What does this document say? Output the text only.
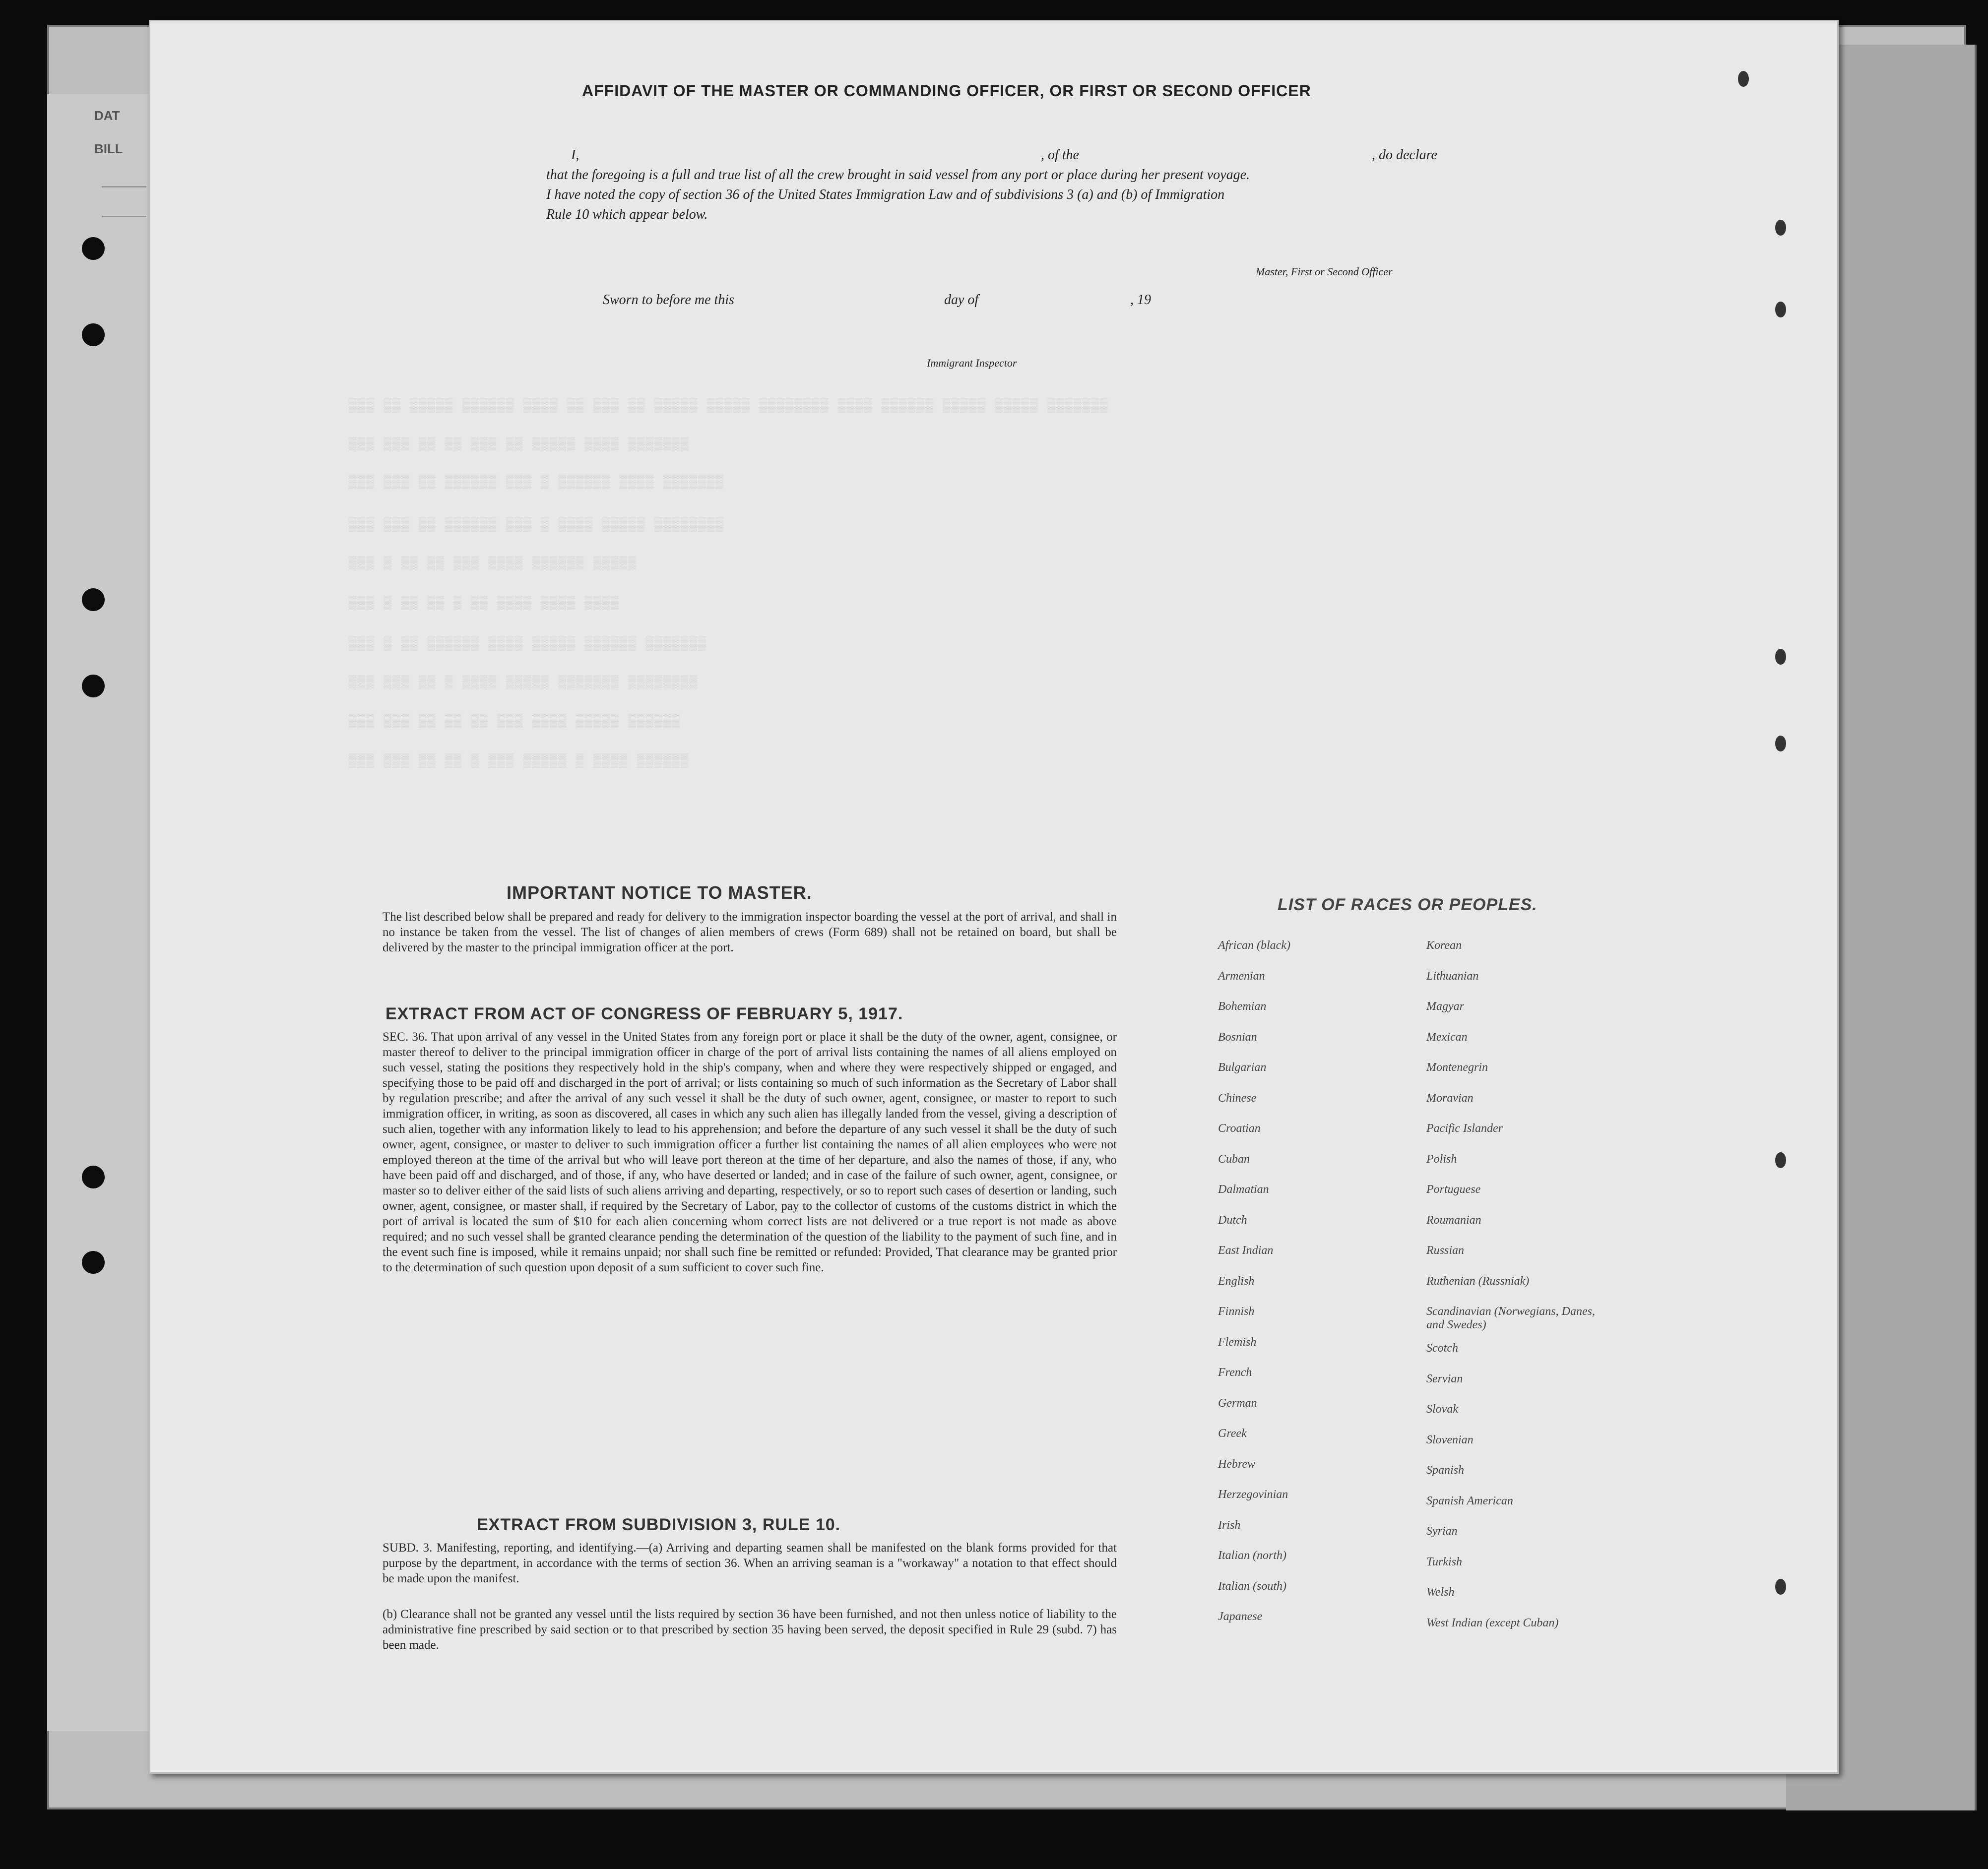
DAT
BILL
AFFIDAVIT OF THE MASTER OR COMMANDING OFFICER, OR FIRST OR SECOND OFFICER
I,	, of the	, do declare
that the foregoing is a full and true list of all the crew brought in said vessel from any port or place during her present voyage.
I have noted the copy of section 36 of the United States Immigration Law and of subdivisions 3 (a) and (b) of Immigration
Rule 10 which appear below.
Master, First or Second Officer
Sworn to before me this	day of	, 19
Immigrant Inspector
▒▒▒ ▒▒ ▒▒▒▒▒ ▒▒▒▒▒▒ ▒▒▒▒ ▒▒ ▒▒▒ ▒▒ ▒▒▒▒▒ ▒▒▒▒▒ ▒▒▒▒▒▒▒▒ ▒▒▒▒ ▒▒▒▒▒▒ ▒▒▒▒▒ ▒▒▒▒▒ ▒▒▒▒▒▒▒
▒▒▒ ▒▒▒ ▒▒ ▒▒ ▒▒▒ ▒▒ ▒▒▒▒▒ ▒▒▒▒ ▒▒▒▒▒▒▒
▒▒▒ ▒▒▒ ▒▒ ▒▒▒▒▒▒ ▒▒▒ ▒ ▒▒▒▒▒▒ ▒▒▒▒ ▒▒▒▒▒▒▒
▒▒▒ ▒▒▒ ▒▒ ▒▒▒▒▒▒ ▒▒▒ ▒ ▒▒▒▒ ▒▒▒▒▒ ▒▒▒▒▒▒▒▒
▒▒▒ ▒ ▒▒ ▒▒ ▒▒▒ ▒▒▒▒ ▒▒▒▒▒▒ ▒▒▒▒▒
▒▒▒ ▒ ▒▒ ▒▒ ▒ ▒▒ ▒▒▒▒ ▒▒▒▒ ▒▒▒▒
▒▒▒ ▒ ▒▒ ▒▒▒▒▒▒ ▒▒▒▒ ▒▒▒▒▒ ▒▒▒▒▒▒ ▒▒▒▒▒▒▒
▒▒▒ ▒▒▒ ▒▒ ▒ ▒▒▒▒ ▒▒▒▒▒ ▒▒▒▒▒▒▒ ▒▒▒▒▒▒▒▒
▒▒▒ ▒▒▒ ▒▒ ▒▒ ▒▒ ▒▒▒ ▒▒▒▒ ▒▒▒▒▒ ▒▒▒▒▒▒
▒▒▒ ▒▒▒ ▒▒ ▒▒ ▒ ▒▒▒ ▒▒▒▒▒ ▒ ▒▒▒▒ ▒▒▒▒▒▒
IMPORTANT NOTICE TO MASTER.
The list described below shall be prepared and ready for delivery to the immigration inspector boarding the vessel at the port of arrival, and shall in no instance be taken from the vessel. The list of changes of alien members of crews (Form 689) shall not be retained on board, but shall be delivered by the master to the principal immigration officer at the port.
EXTRACT FROM ACT OF CONGRESS OF FEBRUARY 5, 1917.
SEC. 36. That upon arrival of any vessel in the United States from any foreign port or place it shall be the duty of the owner, agent, consignee, or master thereof to deliver to the principal immigration officer in charge of the port of arrival lists containing the names of all aliens employed on such vessel, stating the positions they respectively hold in the ship's company, when and where they were respectively shipped or engaged, and specifying those to be paid off and discharged in the port of arrival; or lists containing so much of such information as the Secretary of Labor shall by regulation prescribe; and after the arrival of any such vessel it shall be the duty of such owner, agent, consignee, or master to report to such immigration officer, in writing, as soon as discovered, all cases in which any such alien has illegally landed from the vessel, giving a description of such alien, together with any information likely to lead to his apprehension; and before the departure of any such vessel it shall be the duty of such owner, agent, consignee, or master to deliver to such immigration officer a further list containing the names of all alien employees who were not employed thereon at the time of the arrival but who will leave port thereon at the time of her departure, and also the names of those, if any, who have been paid off and discharged, and of those, if any, who have deserted or landed; and in case of the failure of such owner, agent, consignee, or master so to deliver either of the said lists of such aliens arriving and departing, respectively, or so to report such cases of desertion or landing, such owner, agent, consignee, or master shall, if required by the Secretary of Labor, pay to the collector of customs of the customs district in which the port of arrival is located the sum of $10 for each alien concerning whom correct lists are not delivered or a true report is not made as above required; and no such vessel shall be granted clearance pending the determination of the question of the liability to the payment of such fine, and in the event such fine is imposed, while it remains unpaid; nor shall such fine be remitted or refunded: Provided, That clearance may be granted prior to the determination of such question upon deposit of a sum sufficient to cover such fine.
EXTRACT FROM SUBDIVISION 3, RULE 10.
SUBD. 3. Manifesting, reporting, and identifying.—(a) Arriving and departing seamen shall be manifested on the blank forms provided for that purpose by the department, in accordance with the terms of section 36. When an arriving seaman is a "workaway" a notation to that effect should be made upon the manifest.
(b) Clearance shall not be granted any vessel until the lists required by section 36 have been furnished, and not then unless notice of liability to the administrative fine prescribed by said section or to that prescribed by section 35 having been served, the deposit specified in Rule 29 (subd. 7) has been made.
LIST OF RACES OR PEOPLES.
African (black)
Armenian
Bohemian
Bosnian
Bulgarian
Chinese
Croatian
Cuban
Dalmatian
Dutch
East Indian
English
Finnish
Flemish
French
German
Greek
Hebrew
Herzegovinian
Irish
Italian (north)
Italian (south)
Japanese
Korean
Lithuanian
Magyar
Mexican
Montenegrin
Moravian
Pacific Islander
Polish
Portuguese
Roumanian
Russian
Ruthenian (Russniak)
Scandinavian (Norwegians, Danes, and Swedes)
Scotch
Servian
Slovak
Slovenian
Spanish
Spanish American
Syrian
Turkish
Welsh
West Indian (except Cuban)
